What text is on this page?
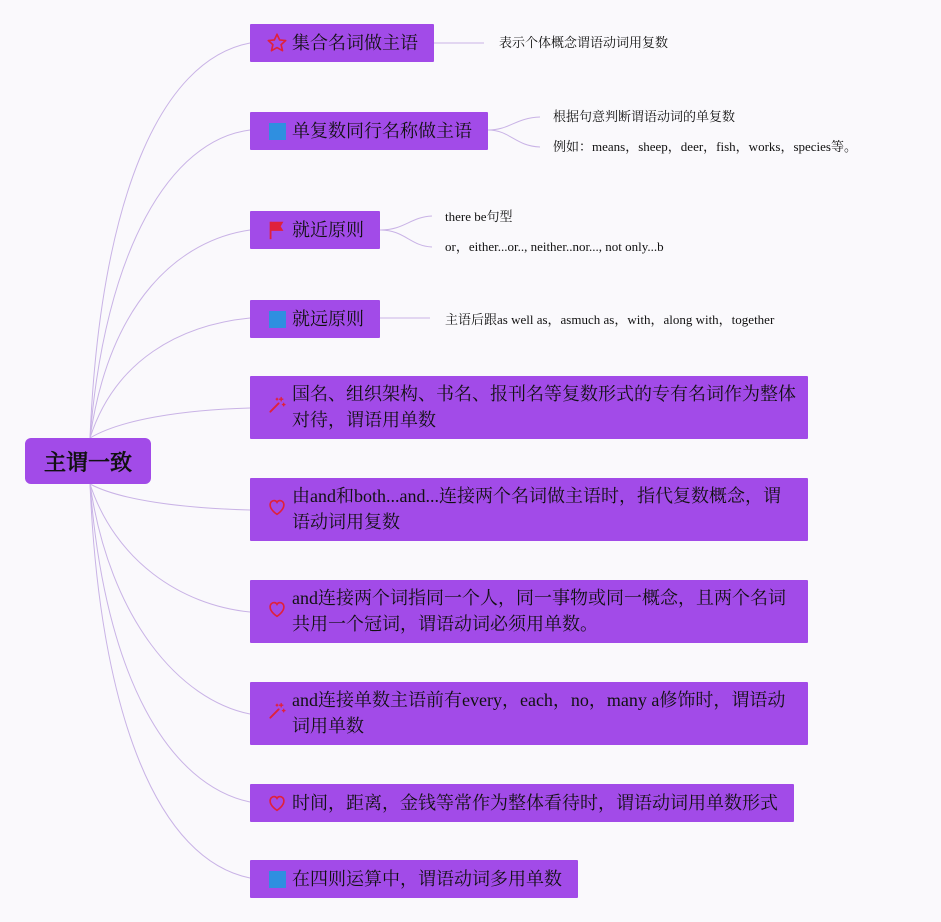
主谓一致
集合名词做主语	表示个体概念谓语动词用复数
单复数同行名称做主语
根据句意判断谓语动词的单复数
例如：means，sheep，deer，fish，works，species等。
就近原则
there be句型
or，either...or.., neither..nor..., not only...b
就远原则	主语后跟as well as，asmuch as，with，along with，together
国名、组织架构、书名、报刊名等复数形式的专有名词作为整体对待，谓语用单数
由and和both...and...连接两个名词做主语时，指代复数概念，谓语动词用复数
and连接两个词指同一个人，同一事物或同一概念，且两个名词共用一个冠词，谓语动词必须用单数。
and连接单数主语前有every，each，no，many a修饰时，谓语动词用单数
时间，距离，金钱等常作为整体看待时，谓语动词用单数形式
在四则运算中，谓语动词多用单数
